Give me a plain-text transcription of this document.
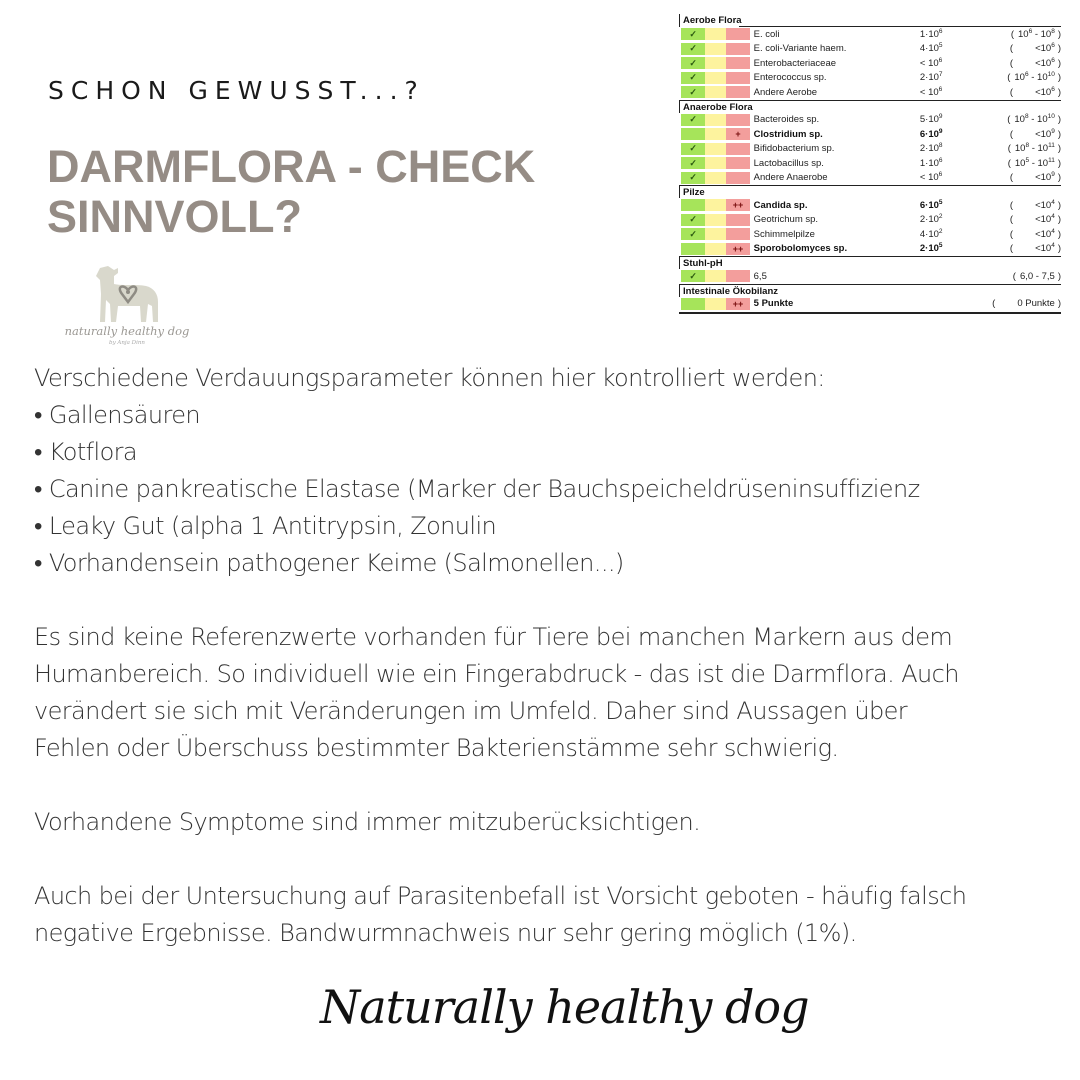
SCHON GEWUSST...?
DARMFLORA - CHECK
SINNVOLL?
naturally healthy dog
by Anja Dinn
Aerobe Flora
✓	E. coli	$1\cdot 10^6$	( $10^6 - 10^8$ )
✓	E. coli-Variante haem.	$4\cdot 10^5$	( $<10^6$ )
✓	Enterobacteriaceae	< $10^6$	( $<10^6$ )
✓	Enterococcus sp.	$2\cdot 10^7$	( $10^6 - 10^{10}$ )
✓	Andere Aerobe	< $10^6$	( $<10^6$ )
Anaerobe Flora
✓	Bacteroides sp.	$5\cdot 10^9$	( $10^8 - 10^{10}$ )
+	Clostridium sp.	$6\cdot 10^9$	( $<10^9$ )
✓	Bifidobacterium sp.	$2\cdot 10^8$	( $10^8 - 10^{11}$ )
✓	Lactobacillus sp.	$1\cdot 10^6$	( $10^5 - 10^{11}$ )
✓	Andere Anaerobe	< $10^6$	( $<10^9$ )
Pilze
++	Candida sp.	$6\cdot 10^5$	( $<10^4$ )
✓	Geotrichum sp.	$2\cdot 10^2$	( $<10^4$ )
✓	Schimmelpilze	$4\cdot 10^2$	( $<10^4$ )
++	Sporobolomyces sp.	$2\cdot 10^5$	( $<10^4$ )
Stuhl-pH
✓	6,5	( 6,0 - 7,5 )
Intestinale Ökobilanz
++	5 Punkte	( 0 Punkte )
Verschiedene Verdauungsparameter können hier kontrolliert werden:
• Gallensäuren
• Kotflora
• Canine pankreatische Elastase (Marker der Bauchspeicheldrüseninsuffizienz
• Leaky Gut (alpha 1 Antitrypsin, Zonulin
• Vorhandensein pathogener Keime (Salmonellen...)
Es sind keine Referenzwerte vorhanden für Tiere bei manchen Markern aus dem
Humanbereich. So individuell wie ein Fingerabdruck - das ist die Darmflora. Auch
verändert sie sich mit Veränderungen im Umfeld. Daher sind Aussagen über
Fehlen oder Überschuss bestimmter Bakterienstämme sehr schwierig.
Vorhandene Symptome sind immer mitzuberücksichtigen.
Auch bei der Untersuchung auf Parasitenbefall ist Vorsicht geboten - häufig falsch
negative Ergebnisse. Bandwurmnachweis nur sehr gering möglich (1%).
Naturally healthy dog
